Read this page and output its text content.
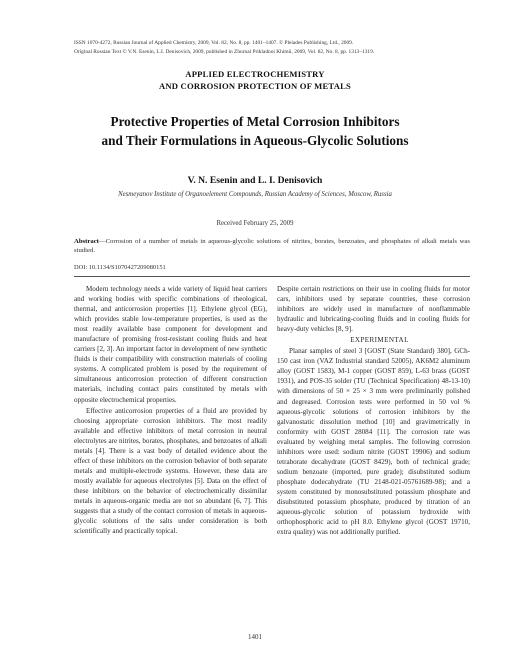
ISSN 1070-4272, Russian Journal of Applied Chemistry, 2009, Vol. 82, No. 8, pp. 1401–1407. © Pleiades Publishing, Ltd., 2009.
Original Russian Text © V.N. Esenin, L.I. Denisovich, 2009, published in Zhurnal Prikladnoi Khimii, 2009, Vol. 82, No. 8, pp. 1313–1319.
APPLIED ELECTROCHEMISTRY
AND CORROSION PROTECTION OF METALS
Protective Properties of Metal Corrosion Inhibitors
and Their Formulations in Aqueous-Glycolic Solutions
V. N. Esenin and L. I. Denisovich
Nesmeyanov Institute of Organoelement Compounds, Russian Academy of Sciences, Moscow, Russia
Received February 25, 2009
Abstract—Corrosion of a number of metals in aqueous-glycolic solutions of nitrites, borates, benzoates, and phosphates of alkali metals was studied.
DOI: 10.1134/S1070427209080151

Modern technology needs a wide variety of liquid heat carriers and working bodies with specific combinations of rheological, thermal, and anticorrosion properties [1]. Ethylene glycol (EG), which provides stable low-temperature properties, is used as the most readily available base component for development and manufacture of promising frost-resistant cooling fluids and heat carriers [2, 3]. An important factor in development of new synthetic fluids is their compatibility with construction materials of cooling systems. A complicated problem is posed by the requirement of simultaneous anticorrosion protection of different construction materials, including contact pairs constituted by metals with opposite electrochemical properties.

Effective anticorrosion properties of a fluid are provided by choosing appropriate corrosion inhibitors. The most readily available and effective inhibitors of metal corrosion in neutral electrolytes are nitrites, borates, phosphates, and benzoates of alkali metals [4]. There is a vast body of detailed evidence about the effect of these inhibitors on the corrosion behavior of both separate metals and multiple-electrode systems. However, these data are mostly available for aqueous electrolytes [5]. Data on the effect of these inhibitors on the behavior of electrochemically dissimilar metals in aqueous-organic media are not so abundant [6, 7]. This suggests that a study of the contact corrosion of metals in aqueous-glycolic solutions of the salts under consideration is both scientifically and practically topical.

Despite certain restrictions on their use in cooling fluids for motor cars, inhibitors used by separate countries, these corrosion inhibitors are widely used in manufacture of nonflammable hydraulic and lubricating-cooling fluids and in cooling fluids for heavy-duty vehicles [8, 9].

EXPERIMENTAL

Planar samples of steel 3 [GOST (State Standard) 380], GCh-150 cast iron (VAZ Industrial standard 52005), AK6M2 aluminum alloy (GOST 1583), M-1 copper (GOST 859), L-63 brass (GOST 1931), and POS-35 solder (TU (Technical Specification) 48-13-10) with dimensions of 50 × 25 × 3 mm were preliminarily polished and degreased. Corrosion tests were performed in 50 vol % aqueous-glycolic solutions of corrosion inhibitors by the galvanostatic dissolution method [10] and gravimetrically in conformity with GOST 28084 [11]. The corrosion rate was evaluated by weighing metal samples. The following corrosion inhibitors were used: sodium nitrite (GOST 19906) and sodium tetraborate decahydrate (GOST 8429), both of technical grade; sodium benzoate (imported, pure grade); disubstituted sodium phosphate dodecahydrate (TU 2148-021-05761689-98); and a system constituted by monosubstituted potassium phosphate and disubstituted potassium phosphate, produced by titration of an aqueous-glycolic solution of potassium hydroxide with orthophosphoric acid to pH 8.0. Ethylene glycol (GOST 19710, extra quality) was not additionally purified.

1401
